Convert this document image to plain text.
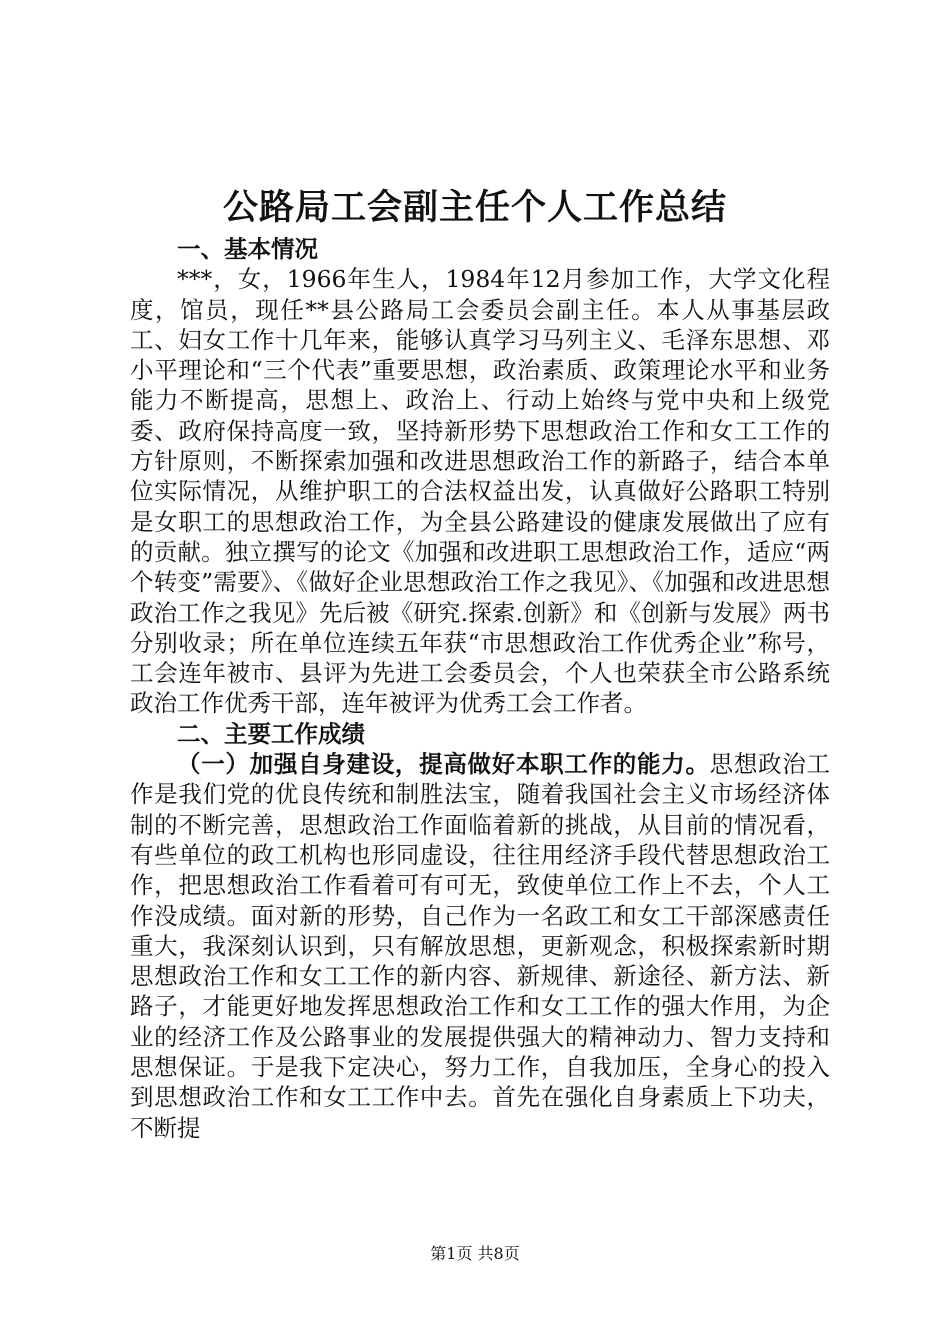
公路局工会副主任个人工作总结

一、基本情况

***，女，1966年生人，1984年12月参加工作，大学文化程度，馆员，现任**县公路局工会委员会副主任。本人从事基层政工、妇女工作十几年来，能够认真学习马列主义、毛泽东思想、邓小平理论和“三个代表”重要思想，政治素质、政策理论水平和业务能力不断提高，思想上、政治上、行动上始终与党中央和上级党委、政府保持高度一致，坚持新形势下思想政治工作和女工工作的方针原则，不断探索加强和改进思想政治工作的新路子，结合本单位实际情况，从维护职工的合法权益出发，认真做好公路职工特别是女职工的思想政治工作，为全县公路建设的健康发展做出了应有的贡献。独立撰写的论文《加强和改进职工思想政治工作，适应“两个转变”需要》、《做好企业思想政治工作之我见》、《加强和改进思想政治工作之我见》先后被《研究.探索.创新》和《创新与发展》两书分别收录；所在单位连续五年获“市思想政治工作优秀企业”称号，工会连年被市、县评为先进工会委员会，个人也荣获全市公路系统政治工作优秀干部，连年被评为优秀工会工作者。

二、主要工作成绩

（一）加强自身建设，提高做好本职工作的能力。思想政治工作是我们党的优良传统和制胜法宝，随着我国社会主义市场经济体制的不断完善，思想政治工作面临着新的挑战，从目前的情况看，有些单位的政工机构也形同虚设，往往用经济手段代替思想政治工作，把思想政治工作看着可有可无，致使单位工作上不去，个人工作没成绩。面对新的形势，自己作为一名政工和女工干部深感责任重大，我深刻认识到，只有解放思想，更新观念，积极探索新时期思想政治工作和女工工作的新内容、新规律、新途径、新方法、新路子，才能更好地发挥思想政治工作和女工工作的强大作用，为企业的经济工作及公路事业的发展提供强大的精神动力、智力支持和思想保证。于是我下定决心，努力工作，自我加压，全身心的投入到思想政治工作和女工工作中去。首先在强化自身素质上下功夫，不断提

第1页 共8页
